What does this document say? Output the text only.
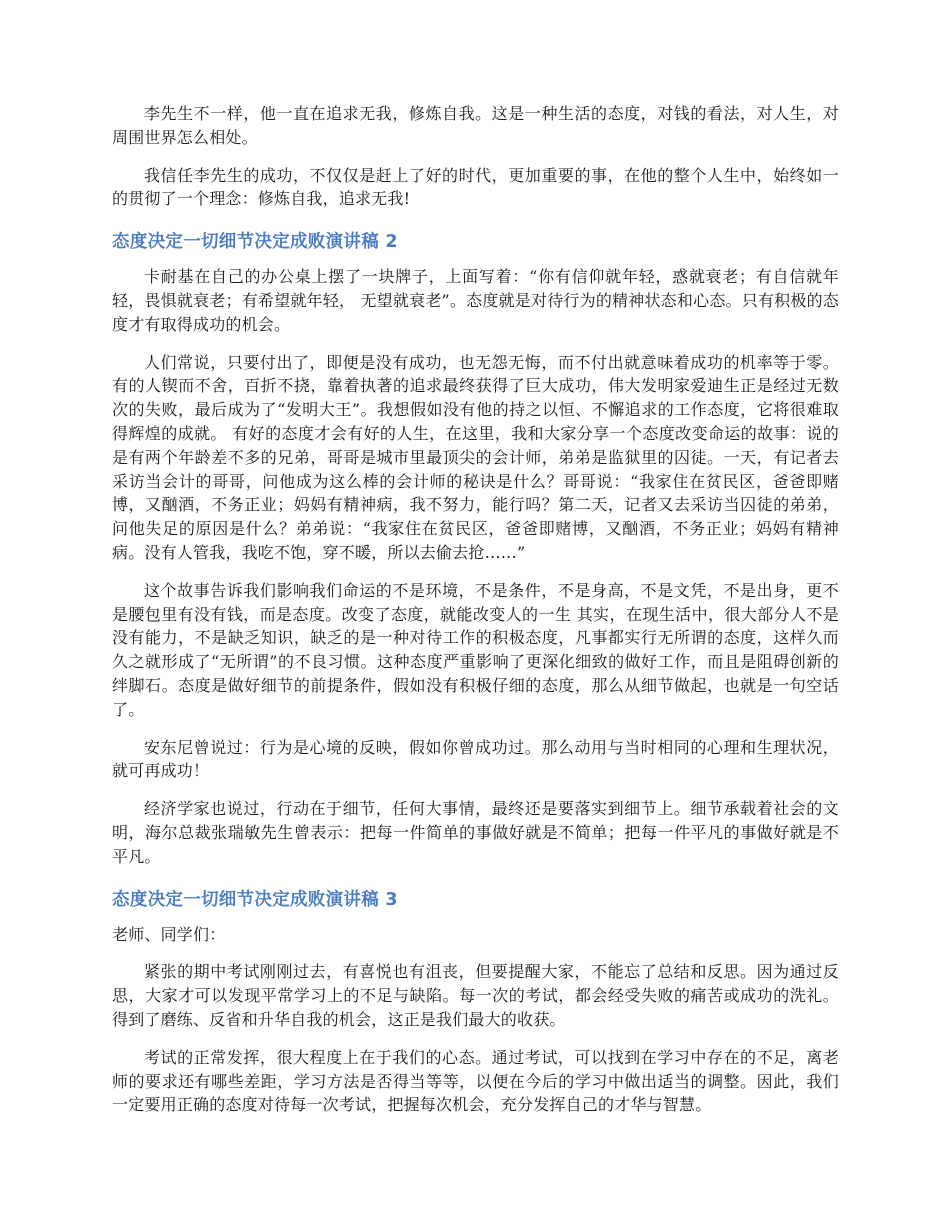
李先生不一样，他一直在追求无我，修炼自我。这是一种生活的态度，对钱的看法，对人生，对周围世界怎么相处。

我信任李先生的成功，不仅仅是赶上了好的时代，更加重要的事，在他的整个人生中，始终如一的贯彻了一个理念：修炼自我，追求无我!

态度决定一切细节决定成败演讲稿 2

卡耐基在自己的办公桌上摆了一块牌子，上面写着：“你有信仰就年轻，惑就衰老；有自信就年轻，畏惧就衰老；有希望就年轻， 无望就衰老”。态度就是对待行为的精神状态和心态。只有积极的态度才有取得成功的机会。

人们常说，只要付出了，即便是没有成功，也无怨无悔，而不付出就意味着成功的机率等于零。有的人锲而不舍，百折不挠，靠着执著的追求最终获得了巨大成功，伟大发明家爱迪生正是经过无数次的失败，最后成为了“发明大王”。我想假如没有他的持之以恒、不懈追求的工作态度，它将很难取得辉煌的成就。 有好的态度才会有好的人生，在这里，我和大家分享一个态度改变命运的故事：说的是有两个年龄差不多的兄弟，哥哥是城市里最顶尖的会计师，弟弟是监狱里的囚徒。一天，有记者去采访当会计的哥哥，问他成为这么棒的会计师的秘诀是什么？哥哥说：“我家住在贫民区，爸爸即赌博，又酗酒，不务正业；妈妈有精神病，我不努力，能行吗？第二天，记者又去采访当囚徒的弟弟，问他失足的原因是什么？弟弟说：“我家住在贫民区，爸爸即赌博，又酗酒，不务正业；妈妈有精神病。没有人管我，我吃不饱，穿不暖，所以去偷去抢……”

这个故事告诉我们影响我们命运的不是环境，不是条件，不是身高，不是文凭，不是出身，更不是腰包里有没有钱，而是态度。改变了态度，就能改变人的一生 其实，在现生活中，很大部分人不是没有能力，不是缺乏知识，缺乏的是一种对待工作的积极态度，凡事都实行无所谓的态度，这样久而久之就形成了“无所谓”的不良习惯。这种态度严重影响了更深化细致的做好工作，而且是阻碍创新的绊脚石。态度是做好细节的前提条件，假如没有积极仔细的态度，那么从细节做起，也就是一句空话了。

安东尼曾说过：行为是心境的反映，假如你曾成功过。那么动用与当时相同的心理和生理状况，就可再成功！

经济学家也说过，行动在于细节，任何大事情，最终还是要落实到细节上。细节承载着社会的文明，海尔总裁张瑞敏先生曾表示：把每一件简单的事做好就是不简单；把每一件平凡的事做好就是不平凡。

态度决定一切细节决定成败演讲稿 3

老师、同学们：

紧张的期中考试刚刚过去，有喜悦也有沮丧，但要提醒大家，不能忘了总结和反思。因为通过反思，大家才可以发现平常学习上的不足与缺陷。每一次的考试，都会经受失败的痛苦或成功的洗礼。得到了磨练、反省和升华自我的机会，这正是我们最大的收获。

考试的正常发挥，很大程度上在于我们的心态。通过考试，可以找到在学习中存在的不足，离老师的要求还有哪些差距，学习方法是否得当等等，以便在今后的学习中做出适当的调整。因此，我们一定要用正确的态度对待每一次考试，把握每次机会，充分发挥自己的才华与智慧。
